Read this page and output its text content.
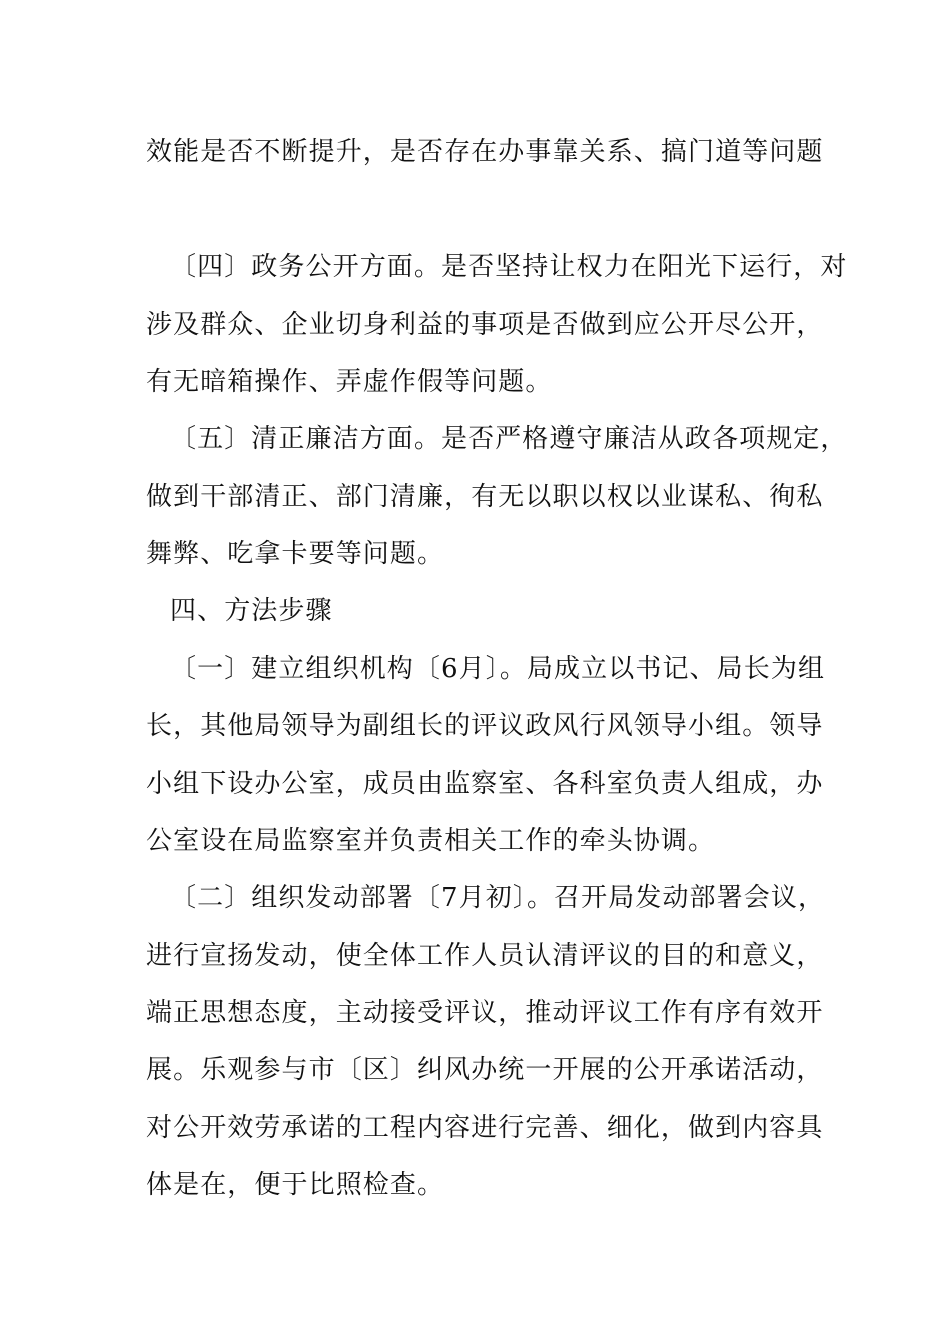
效能是否不断提升，是否存在办事靠关系、搞门道等问题
〔四〕政务公开方面。是否坚持让权力在阳光下运行，对
涉及群众、企业切身利益的事项是否做到应公开尽公开，
有无暗箱操作、弄虚作假等问题。
〔五〕清正廉洁方面。是否严格遵守廉洁从政各项规定，
做到干部清正、部门清廉，有无以职以权以业谋私、徇私
舞弊、吃拿卡要等问题。
四、方法步骤
〔一〕建立组织机构〔6月〕。局成立以书记、局长为组
长，其他局领导为副组长的评议政风行风领导小组。领导
小组下设办公室，成员由监察室、各科室负责人组成，办
公室设在局监察室并负责相关工作的牵头协调。
〔二〕组织发动部署〔7月初〕。召开局发动部署会议，
进行宣扬发动，使全体工作人员认清评议的目的和意义，
端正思想态度，主动接受评议，推动评议工作有序有效开
展。乐观参与市〔区〕纠风办统一开展的公开承诺活动，
对公开效劳承诺的工程内容进行完善、细化，做到内容具
体是在，便于比照检查。
